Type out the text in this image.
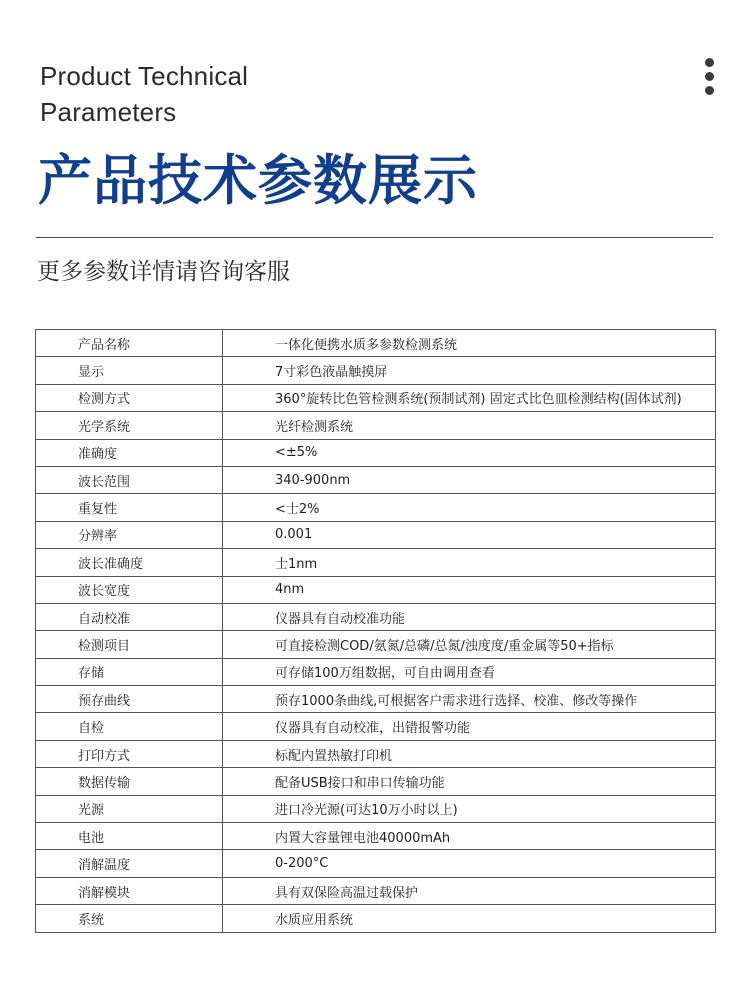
Product Technical
Parameters
产品技术参数展示
更多参数详情请咨询客服
产品名称	一体化便携水质多参数检测系统
显示	7寸彩色液晶触摸屏
检测方式	360°旋转比色管检测系统(预制试剂) 固定式比色皿检测结构(固体试剂)
光学系统	光纤检测系统
准确度	<±5%
波长范围	340-900nm
重复性	<士2%
分辨率	0.001
波长准确度	士1nm
波长宽度	4nm
自动校准	仪器具有自动校准功能
检测项目	可直接检测COD/氨氮/总磷/总氮/浊度度/重金属等50+指标
存储	可存储100万组数据，可自由调用查看
预存曲线	预存1000条曲线,可根据客户需求进行选择、校准、修改等操作
自检	仪器具有自动校准，出错报警功能
打印方式	标配内置热敏打印机
数据传输	配备USB接口和串口传输功能
光源	进口冷光源(可达10万小时以上)
电池	内置大容量锂电池40000mAh
消解温度	0-200°C
消解模块	具有双保险高温过载保护
系统	水质应用系统
